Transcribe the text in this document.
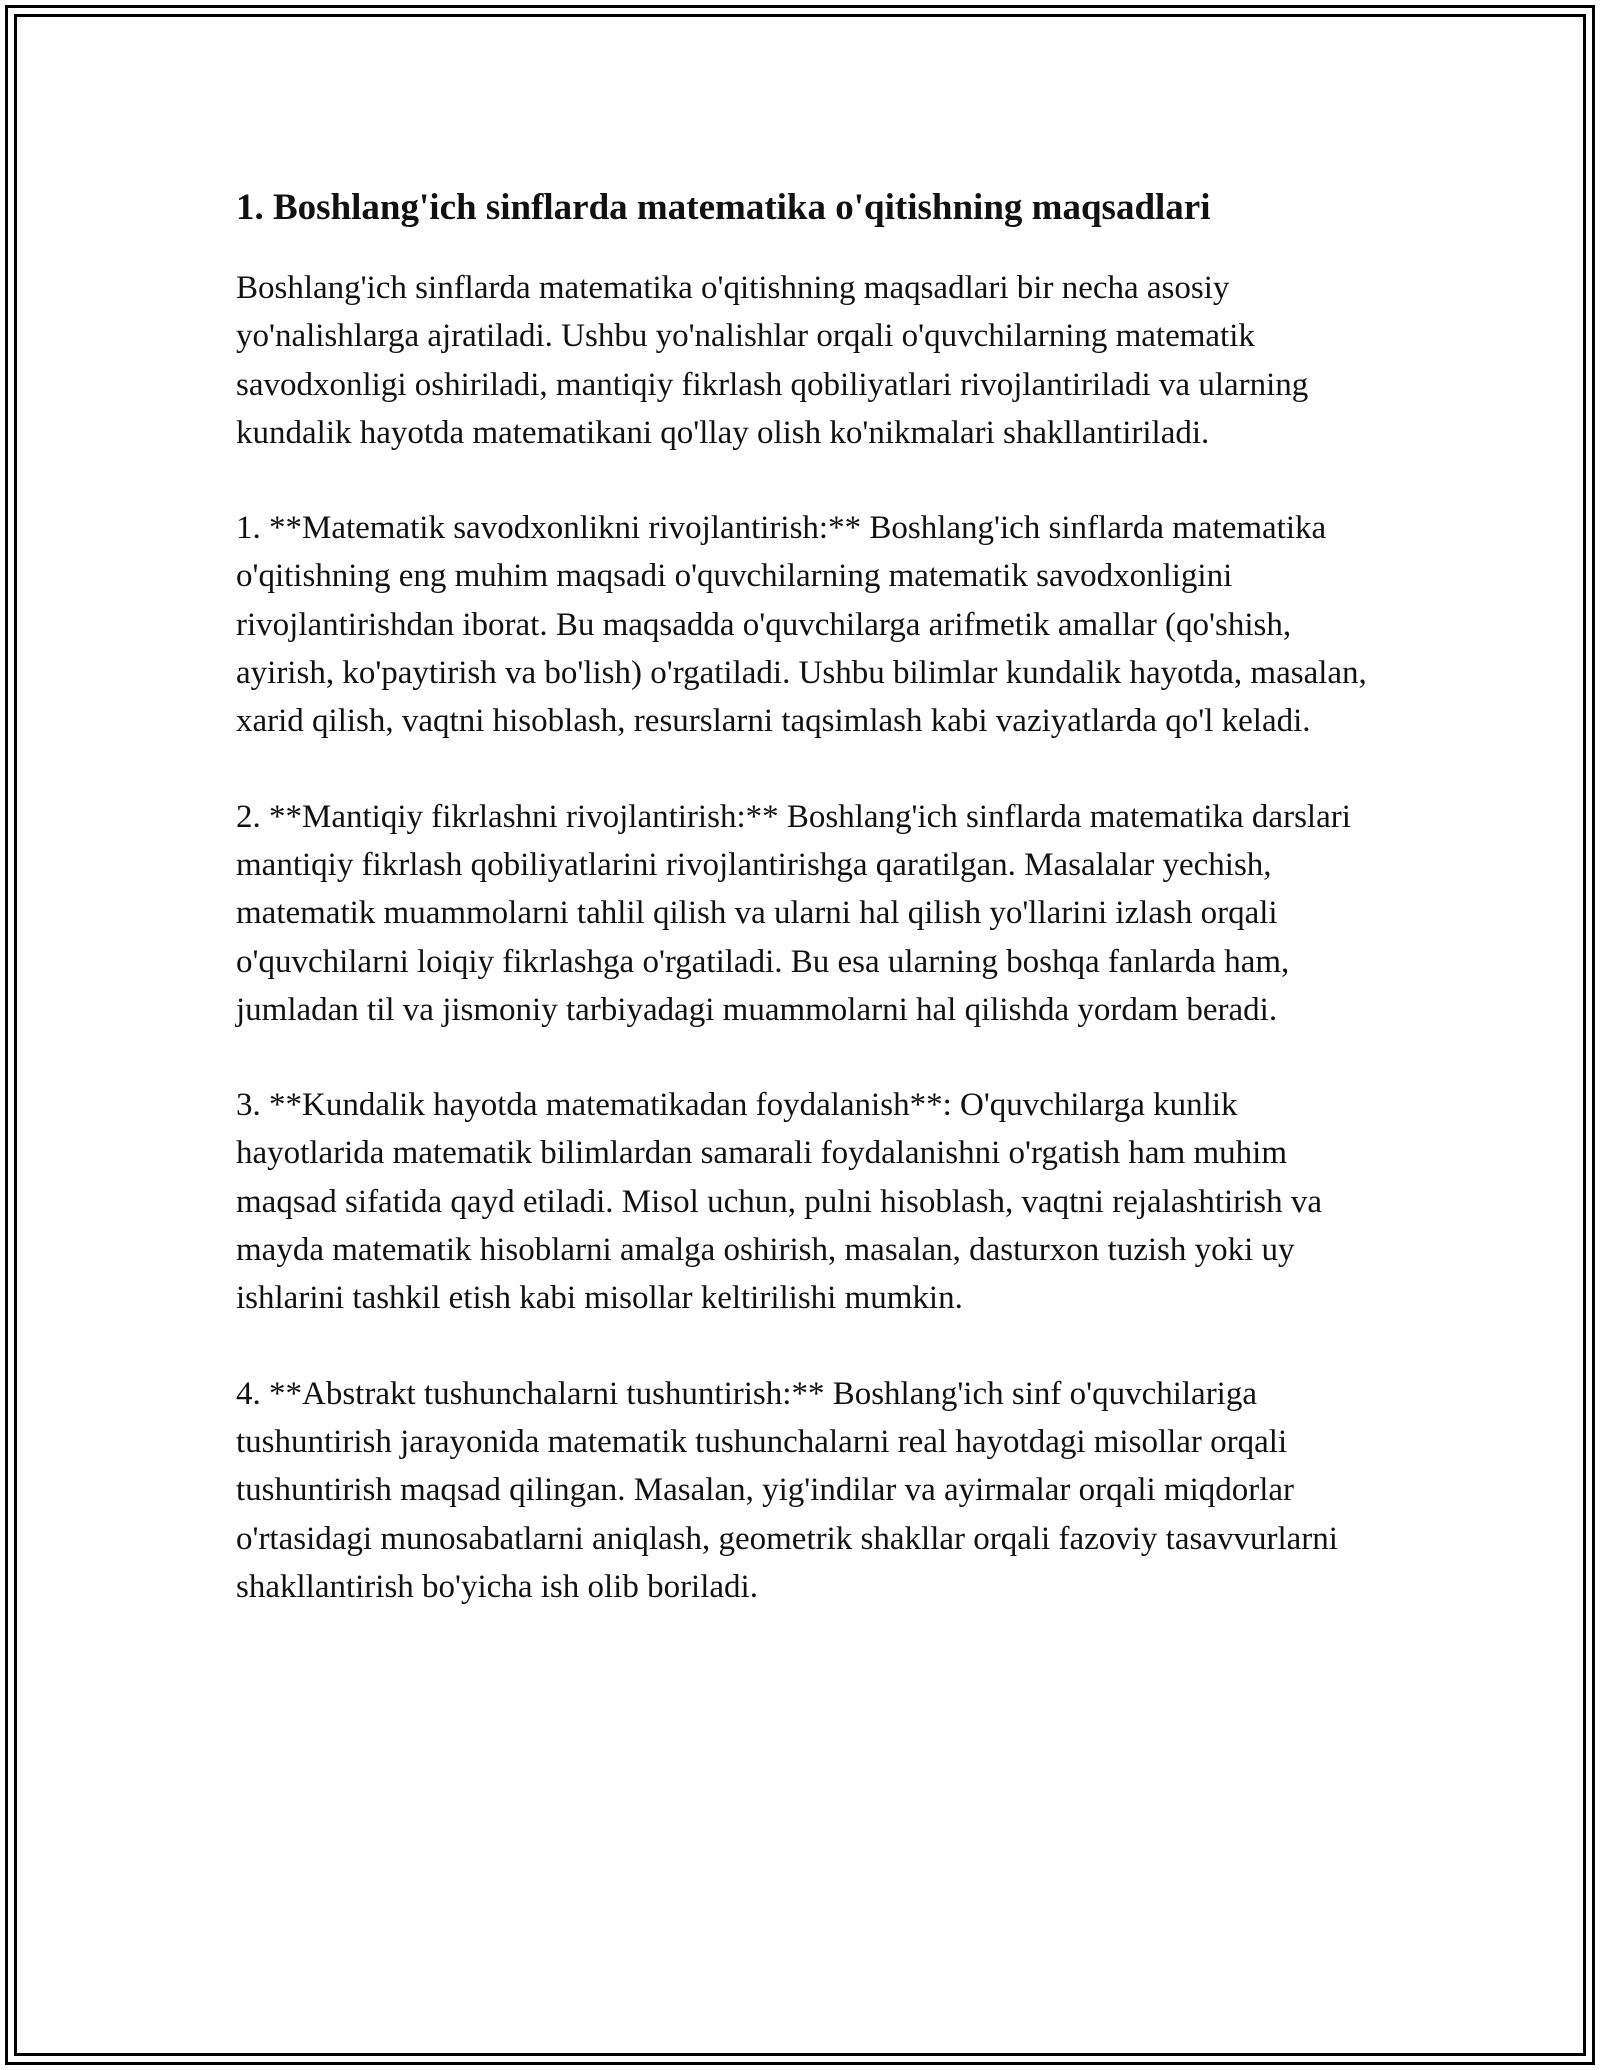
1. Boshlang'ich sinflarda matematika o'qitishning maqsadlari

Boshlang'ich sinflarda matematika o'qitishning maqsadlari bir necha asosiy yo'nalishlarga ajratiladi. Ushbu yo'nalishlar orqali o'quvchilarning matematik savodxonligi oshiriladi, mantiqiy fikrlash qobiliyatlari rivojlantiriladi va ularning kundalik hayotda matematikani qo'llay olish ko'nikmalari shakllantiriladi.

1. **Matematik savodxonlikni rivojlantirish:** Boshlang'ich sinflarda matematika o'qitishning eng muhim maqsadi o'quvchilarning matematik savodxonligini rivojlantirishdan iborat. Bu maqsadda o'quvchilarga arifmetik amallar (qo'shish, ayirish, ko'paytirish va bo'lish) o'rgatiladi. Ushbu bilimlar kundalik hayotda, masalan, xarid qilish, vaqtni hisoblash, resurslarni taqsimlash kabi vaziyatlarda qo'l keladi.

2. **Mantiqiy fikrlashni rivojlantirish:** Boshlang'ich sinflarda matematika darslari mantiqiy fikrlash qobiliyatlarini rivojlantirishga qaratilgan. Masalalar yechish, matematik muammolarni tahlil qilish va ularni hal qilish yo'llarini izlash orqali o'quvchilarni loiqiy fikrlashga o'rgatiladi. Bu esa ularning boshqa fanlarda ham, jumladan til va jismoniy tarbiyadagi muammolarni hal qilishda yordam beradi.

3. **Kundalik hayotda matematikadan foydalanish**: O'quvchilarga kunlik hayotlarida matematik bilimlardan samarali foydalanishni o'rgatish ham muhim maqsad sifatida qayd etiladi. Misol uchun, pulni hisoblash, vaqtni rejalashtirish va mayda matematik hisoblarni amalga oshirish, masalan, dasturxon tuzish yoki uy ishlarini tashkil etish kabi misollar keltirilishi mumkin.

4. **Abstrakt tushunchalarni tushuntirish:** Boshlang'ich sinf o'quvchilariga tushuntirish jarayonida matematik tushunchalarni real hayotdagi misollar orqali tushuntirish maqsad qilingan. Masalan, yig'indilar va ayirmalar orqali miqdorlar o'rtasidagi munosabatlarni aniqlash, geometrik shakllar orqali fazoviy tasavvurlarni shakllantirish bo'yicha ish olib boriladi.
